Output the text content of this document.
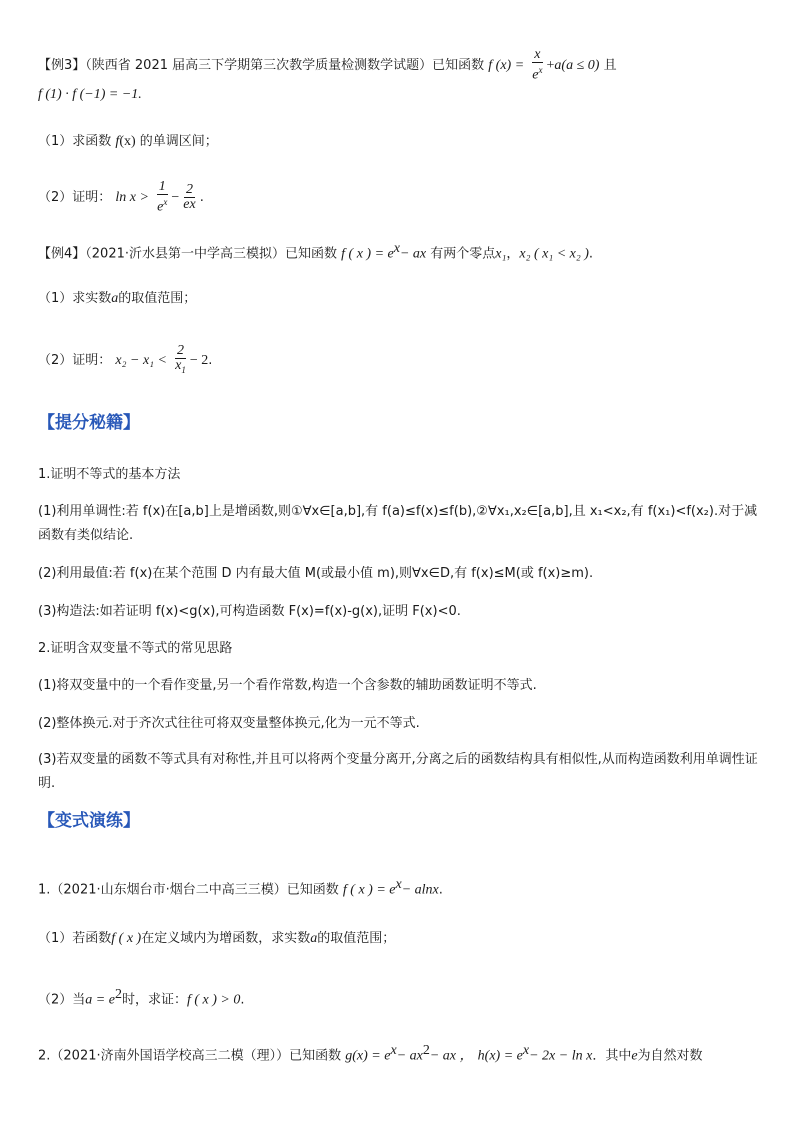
【例3】（陕西省 2021 届高三下学期第三次教学质量检测数学试题）已知函数 f $(x) = \frac{x}{e^x} +a(a \le 0)$ 且
f (1) · f (−1) = −1.
（1）求函数 f(x) 的单调区间；
（2）证明： $\ln x > \frac{1}{e^x} - \frac{2}{ex}$ .
【例4】（2021·沂水县第一中学高三模拟）已知函数 f ( x ) = $e^x-$ ax 有两个零点x₁，x₂ ( x₁ < x₂ ).
（1）求实数a的取值范围；
（2）证明： $x_2 - x_1 < \frac{2}{x_1} - 2$.
【提分秘籍】
1.证明不等式的基本方法
(1)利用单调性:若 f(x)在[a,b]上是增函数,则①∀x∈[a,b],有 f(a)≤f(x)≤f(b),②∀x₁,x₂∈[a,b],且 x₁<x₂,有 f(x₁)<f(x₂).对于减函数有类似结论.
(2)利用最值:若 f(x)在某个范围 D 内有最大值 M(或最小值 m),则∀x∈D,有 f(x)≤M(或 f(x)≥m).
(3)构造法:如若证明 f(x)<g(x),可构造函数 F(x)=f(x)-g(x),证明 F(x)<0.
2.证明含双变量不等式的常见思路
(1)将双变量中的一个看作变量,另一个看作常数,构造一个含参数的辅助函数证明不等式.
(2)整体换元.对于齐次式往往可将双变量整体换元,化为一元不等式.
(3)若双变量的函数不等式具有对称性,并且可以将两个变量分离开,分离之后的函数结构具有相似性,从而构造函数利用单调性证明.
【变式演练】
1.（2021·山东烟台市·烟台二中高三三模）已知函数 f ( x ) = $e^x- alnx$.
（1）若函数f ( x )在定义域内为增函数，求实数a的取值范围；
（2）当$a = e^2$时，求证：f ( x ) > 0.
2.（2021·济南外国语学校高三二模（理））已知函数 $g(x) = e^x- ax^2-$ ax ， $h(x) = e^x- 2x - \ln x$．其中e为自然对数
